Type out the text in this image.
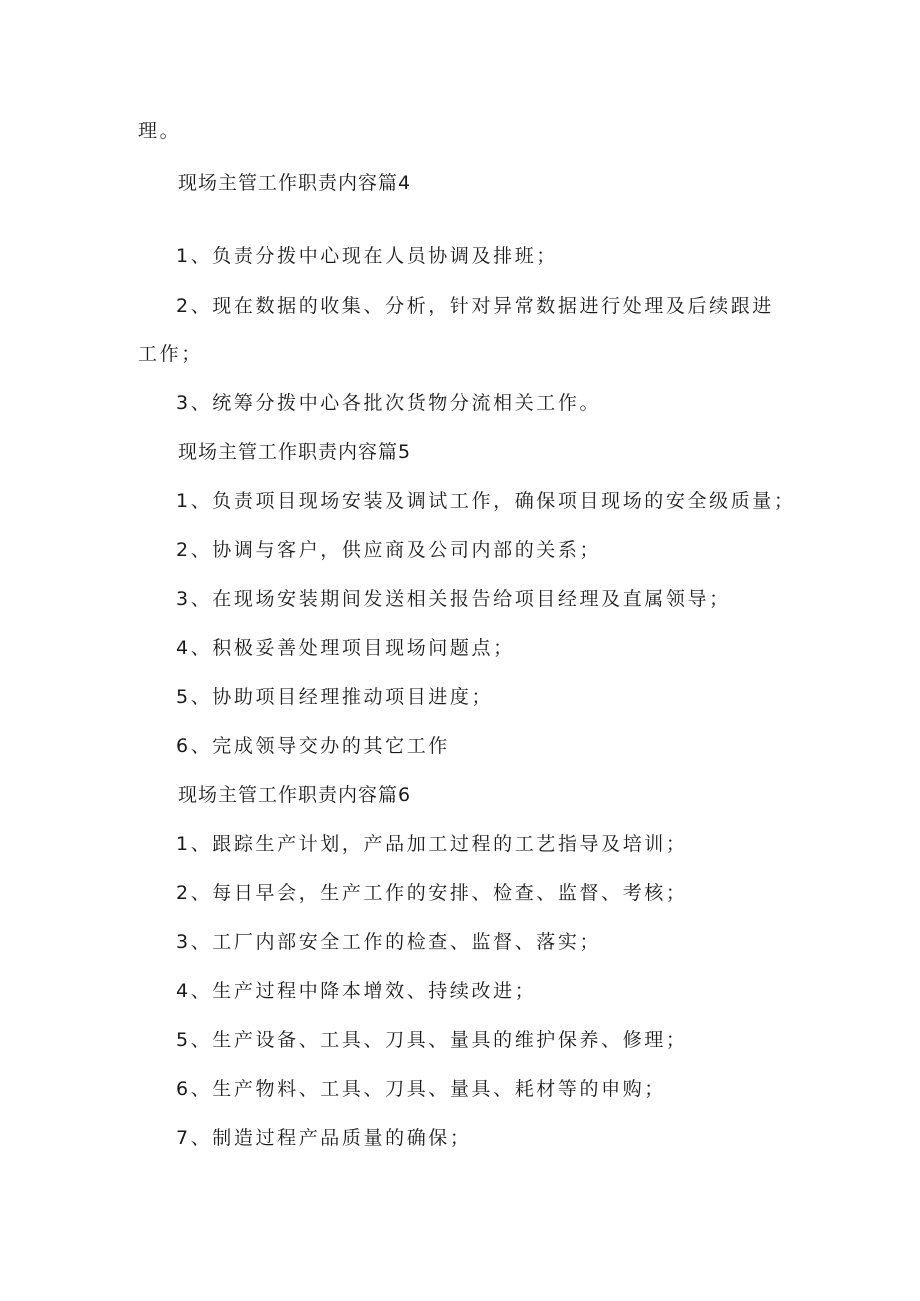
理。
现场主管工作职责内容篇4
1、负责分拨中心现在人员协调及排班；
2、现在数据的收集、分析，针对异常数据进行处理及后续跟进
工作；
3、统筹分拨中心各批次货物分流相关工作。
现场主管工作职责内容篇5
1、负责项目现场安装及调试工作，确保项目现场的安全级质量；
2、协调与客户，供应商及公司内部的关系；
3、在现场安装期间发送相关报告给项目经理及直属领导；
4、积极妥善处理项目现场问题点；
5、协助项目经理推动项目进度；
6、完成领导交办的其它工作
现场主管工作职责内容篇6
1、跟踪生产计划，产品加工过程的工艺指导及培训；
2、每日早会，生产工作的安排、检查、监督、考核；
3、工厂内部安全工作的检查、监督、落实；
4、生产过程中降本增效、持续改进；
5、生产设备、工具、刀具、量具的维护保养、修理；
6、生产物料、工具、刀具、量具、耗材等的申购；
7、制造过程产品质量的确保；
